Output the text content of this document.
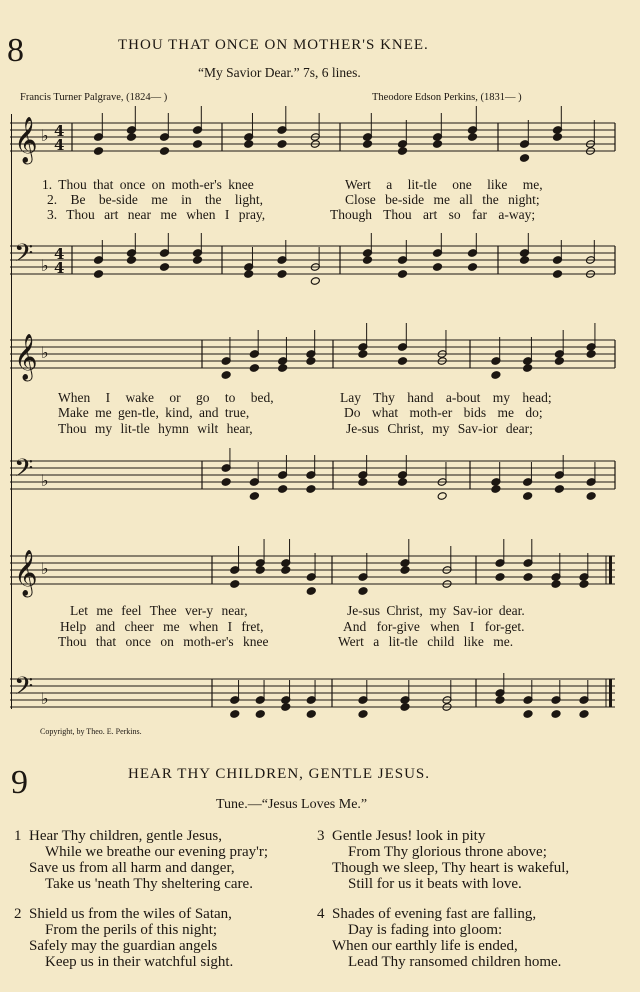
8	THOU THAT ONCE ON MOTHER'S KNEE.
“My Savior Dear.” 7s, 6 lines.
Francis Turner Palgrave, (1824— )	Theodore Edson Perkins, (1831— )
𝄞 ♭ 4
4
𝄢 ♭
4
4
𝄞 ♭
𝄢 ♭
𝄞 ♭
𝄢 ♭
1. Thou that once on moth-er's knee	Wert a lit-tle one like me,
2. Be be-side me in the light,	Close be-side me all the night;
3. Thou art near me when I pray,	Though Thou art so far a-way;
When I wake or go to bed,	Lay Thy hand a-bout my head;
Make me gen-tle, kind, and true,	Do what moth-er bids me do;
Thou my lit-tle hymn wilt hear,	Je-sus Christ, my Sav-ior dear;
Let me feel Thee ver-y near,	Je-sus Christ, my Sav-ior dear.
Help and cheer me when I fret,	And for-give when I for-get.
Thou that once on moth-er's knee	Wert a lit-tle child like me.
Copyright, by Theo. E. Perkins.
9	HEAR THY CHILDREN, GENTLE JESUS.
Tune.—“Jesus Loves Me.”
1 Hear Thy children, gentle Jesus,
While we breathe our evening pray'r;
Save us from all harm and danger,
Take us 'neath Thy sheltering care.
2 Shield us from the wiles of Satan,
From the perils of this night;
Safely may the guardian angels
Keep us in their watchful sight.
3 Gentle Jesus! look in pity
From Thy glorious throne above;
Though we sleep, Thy heart is wakeful,
Still for us it beats with love.
4 Shades of evening fast are falling,
Day is fading into gloom:
When our earthly life is ended,
Lead Thy ransomed children home.
